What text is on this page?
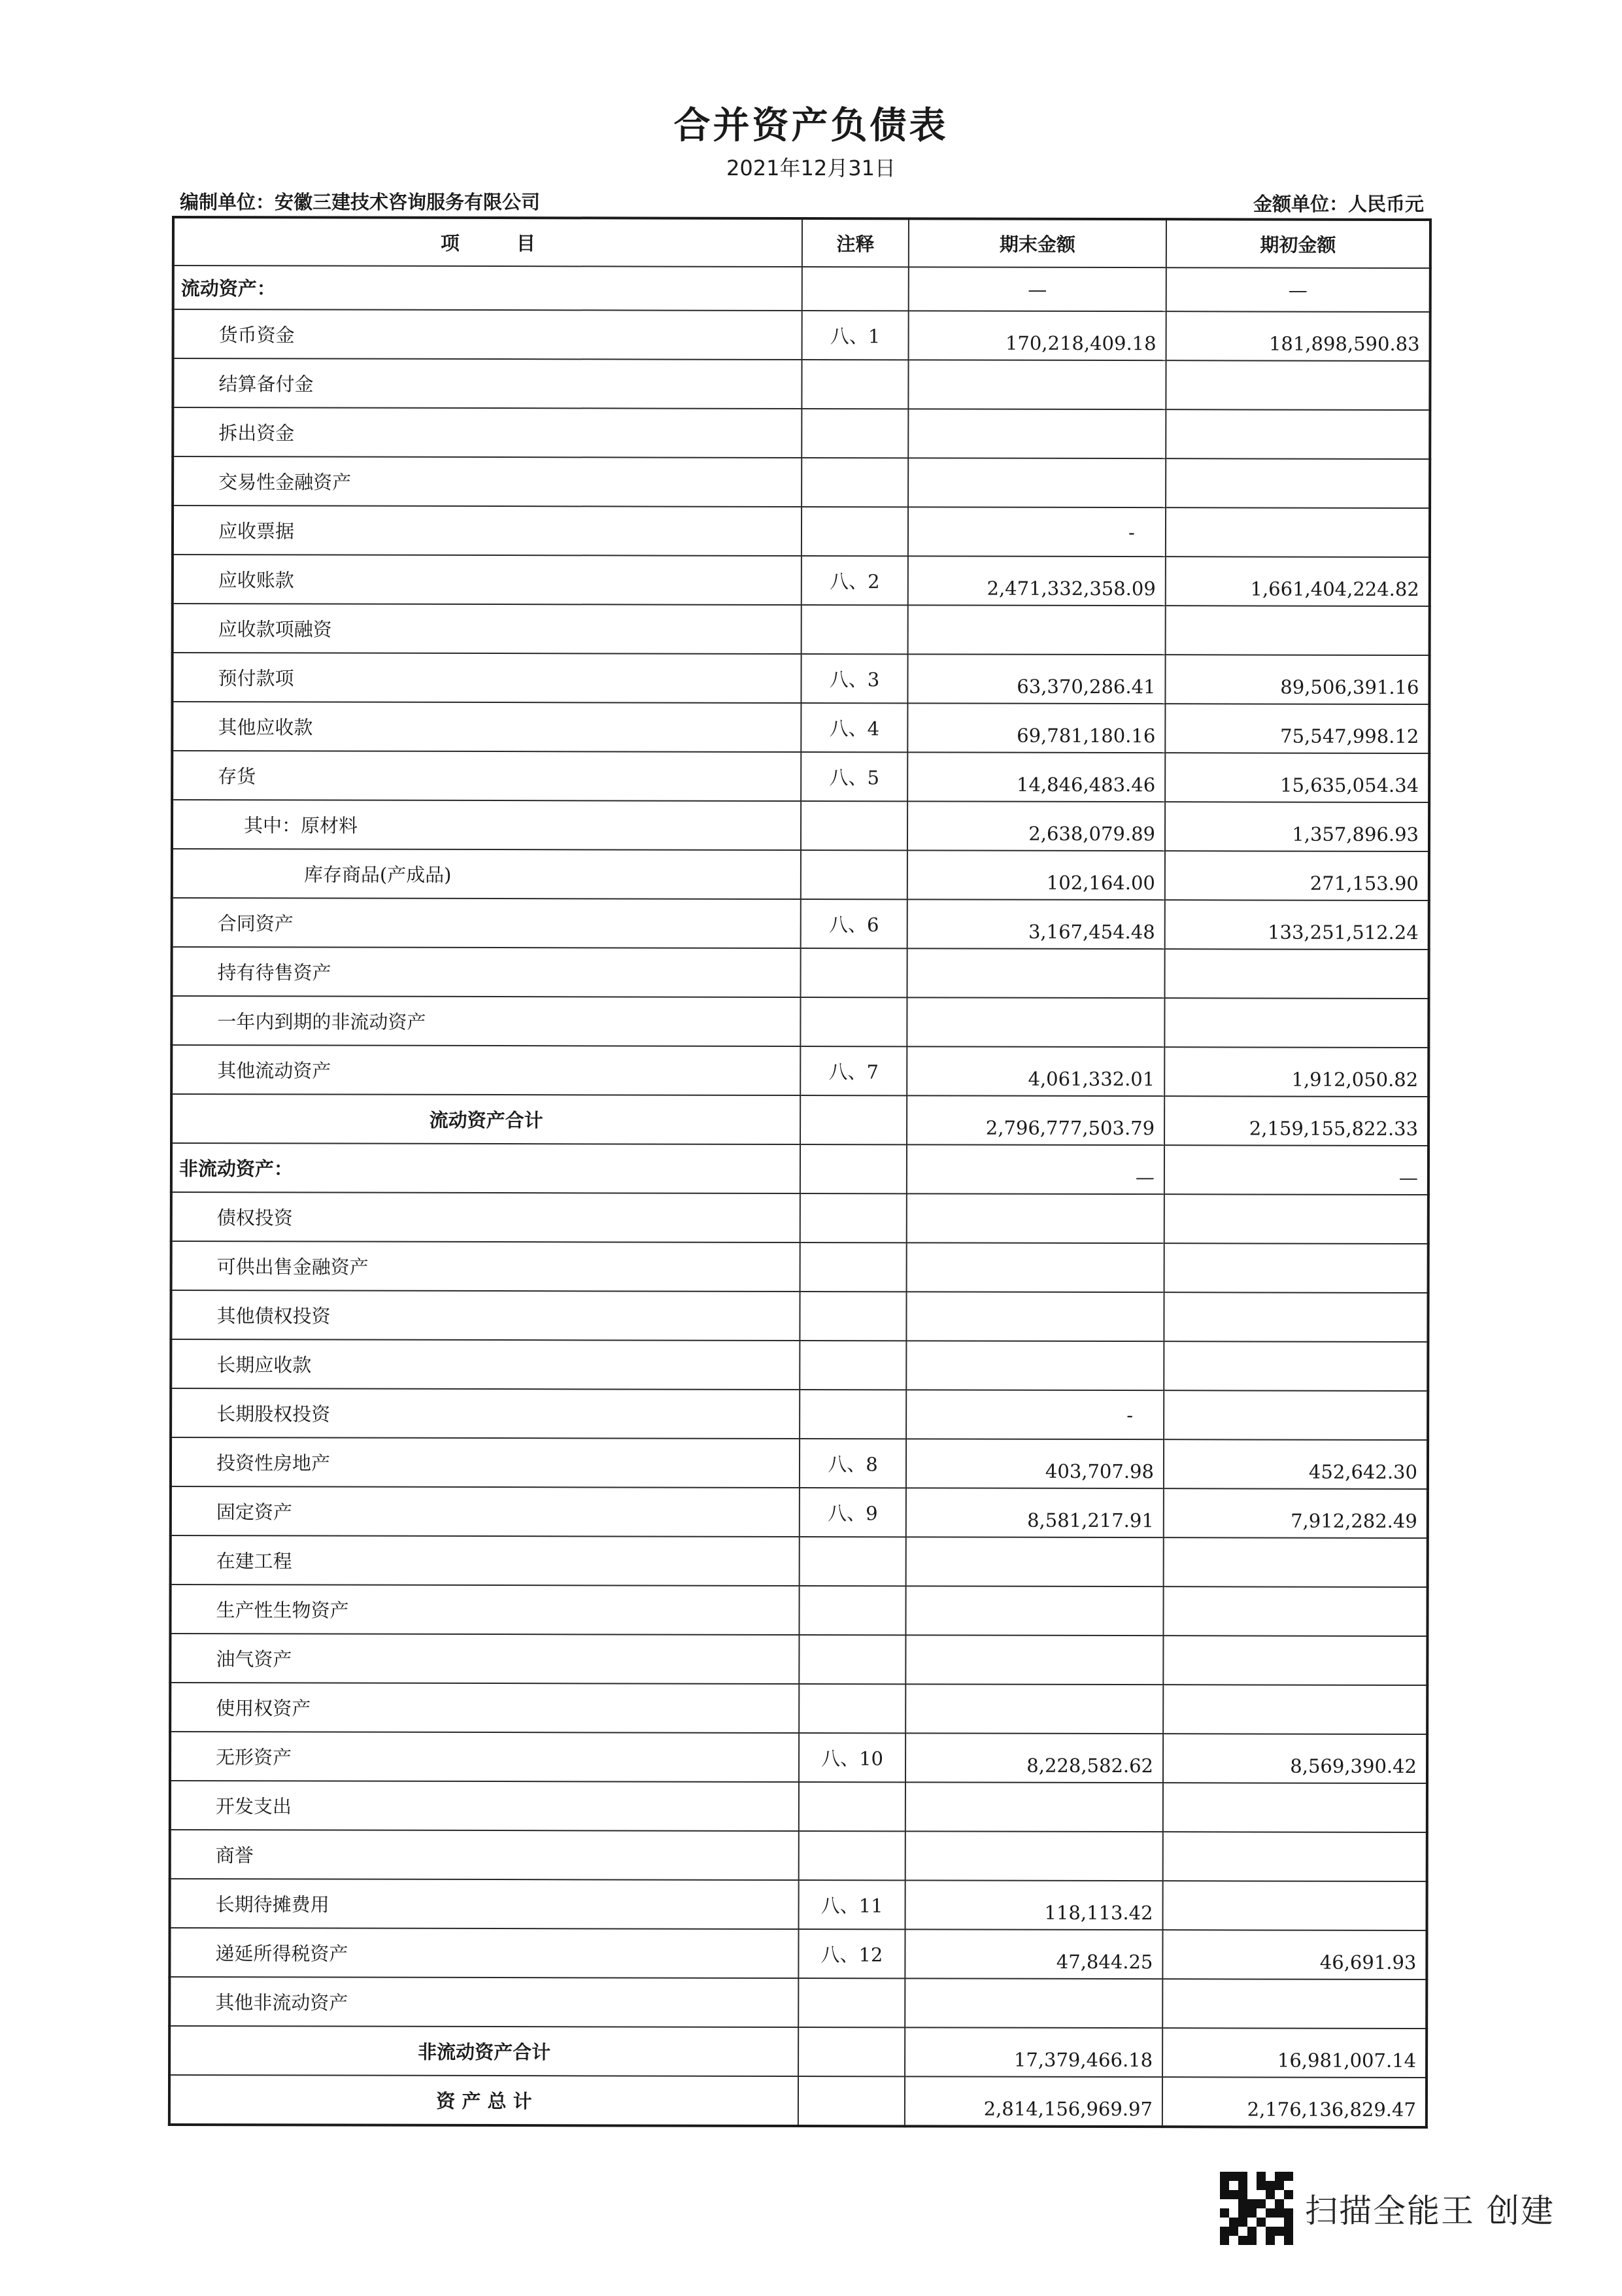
合并资产负债表
2021年12月31日
编制单位：安徽三建技术咨询服务有限公司	金额单位：人民币元
项　　　目	注释	期末金额	期初金额
流动资产：		—	—
货币资金	八、1	170,218,409.18	181,898,590.83
结算备付金			
拆出资金			
交易性金融资产			
应收票据		-	
应收账款	八、2	2,471,332,358.09	1,661,404,224.82
应收款项融资			
预付款项	八、3	63,370,286.41	89,506,391.16
其他应收款	八、4	69,781,180.16	75,547,998.12
存货	八、5	14,846,483.46	15,635,054.34
其中：原材料		2,638,079.89	1,357,896.93
库存商品(产成品)		102,164.00	271,153.90
合同资产	八、6	3,167,454.48	133,251,512.24
持有待售资产			
一年内到期的非流动资产			
其他流动资产	八、7	4,061,332.01	1,912,050.82
流动资产合计		2,796,777,503.79	2,159,155,822.33
非流动资产：		—	—
债权投资			
可供出售金融资产			
其他债权投资			
长期应收款			
长期股权投资		-	
投资性房地产	八、8	403,707.98	452,642.30
固定资产	八、9	8,581,217.91	7,912,282.49
在建工程			
生产性生物资产			
油气资产			
使用权资产			
无形资产	八、10	8,228,582.62	8,569,390.42
开发支出			
商誉			
长期待摊费用	八、11	118,113.42	
递延所得税资产	八、12	47,844.25	46,691.93
其他非流动资产			
非流动资产合计		17,379,466.18	16,981,007.14
资 产 总 计		2,814,156,969.97	2,176,136,829.47
扫描全能王 创建
